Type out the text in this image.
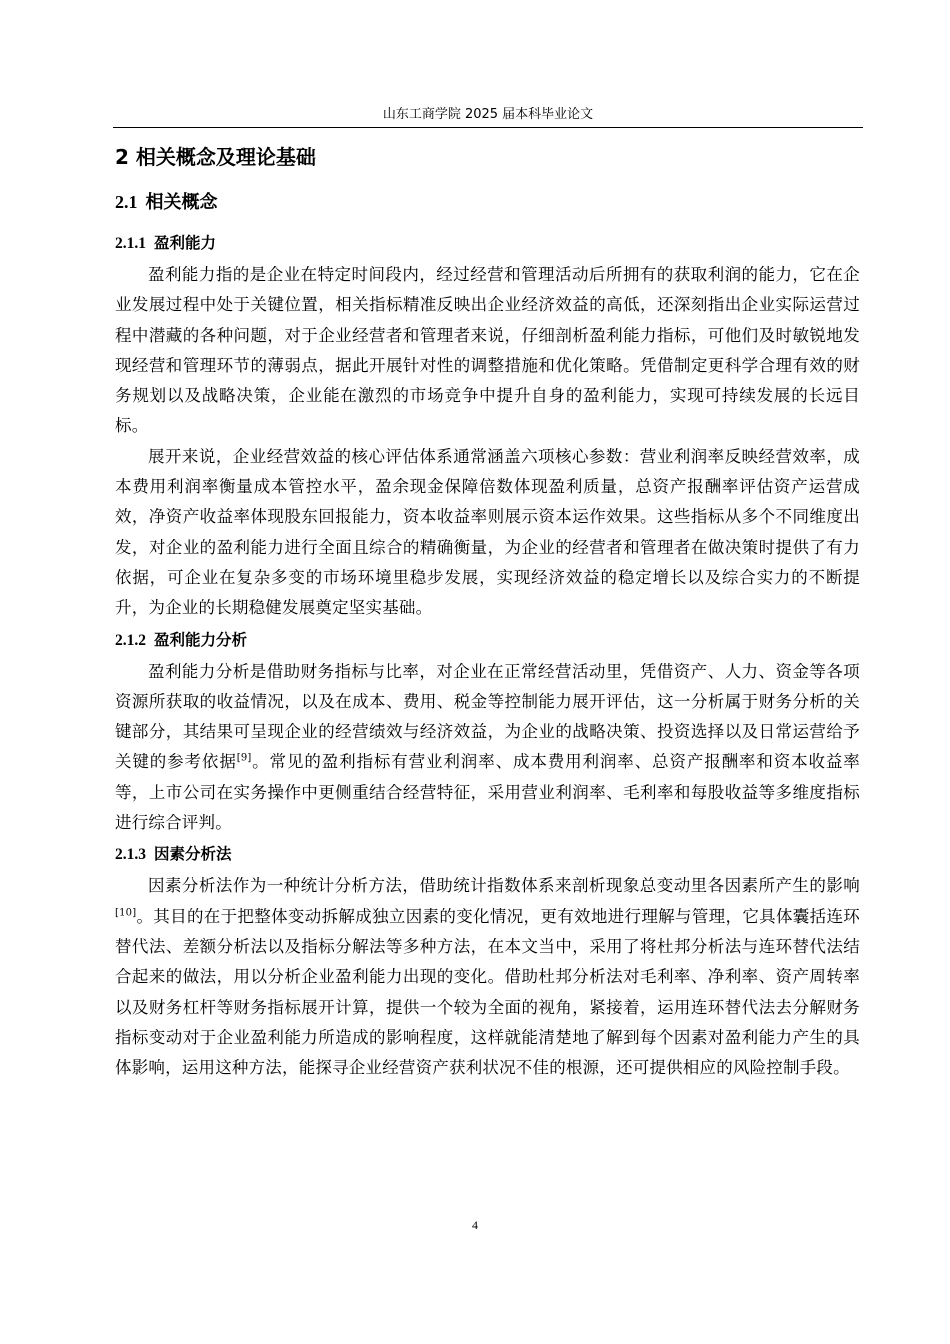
山东工商学院 2025 届本科毕业论文
2 相关概念及理论基础
2.1 相关概念
2.1.1 盈利能力

盈利能力指的是企业在特定时间段内，经过经营和管理活动后所拥有的获取利润的能力，它在企业发展过程中处于关键位置，相关指标精准反映出企业经济效益的高低，还深刻指出企业实际运营过程中潜藏的各种问题，对于企业经营者和管理者来说，仔细剖析盈利能力指标，可他们及时敏锐地发现经营和管理环节的薄弱点，据此开展针对性的调整措施和优化策略。凭借制定更科学合理有效的财务规划以及战略决策，企业能在激烈的市场竞争中提升自身的盈利能力，实现可持续发展的长远目标。

展开来说，企业经营效益的核心评估体系通常涵盖六项核心参数：营业利润率反映经营效率，成本费用利润率衡量成本管控水平，盈余现金保障倍数体现盈利质量，总资产报酬率评估资产运营成效，净资产收益率体现股东回报能力，资本收益率则展示资本运作效果。这些指标从多个不同维度出发，对企业的盈利能力进行全面且综合的精确衡量，为企业的经营者和管理者在做决策时提供了有力依据，可企业在复杂多变的市场环境里稳步发展，实现经济效益的稳定增长以及综合实力的不断提升，为企业的长期稳健发展奠定坚实基础。

2.1.2 盈利能力分析

盈利能力分析是借助财务指标与比率，对企业在正常经营活动里，凭借资产、人力、资金等各项资源所获取的收益情况，以及在成本、费用、税金等控制能力展开评估，这一分析属于财务分析的关键部分，其结果可呈现企业的经营绩效与经济效益，为企业的战略决策、投资选择以及日常运营给予关键的参考依据[9]。常见的盈利指标有营业利润率、成本费用利润率、总资产报酬率和资本收益率等，上市公司在实务操作中更侧重结合经营特征，采用营业利润率、毛利率和每股收益等多维度指标进行综合评判。

2.1.3 因素分析法

因素分析法作为一种统计分析方法，借助统计指数体系来剖析现象总变动里各因素所产生的影响[10]。其目的在于把整体变动拆解成独立因素的变化情况，更有效地进行理解与管理，它具体囊括连环替代法、差额分析法以及指标分解法等多种方法，在本文当中，采用了将杜邦分析法与连环替代法结合起来的做法，用以分析企业盈利能力出现的变化。借助杜邦分析法对毛利率、净利率、资产周转率以及财务杠杆等财务指标展开计算，提供一个较为全面的视角，紧接着，运用连环替代法去分解财务指标变动对于企业盈利能力所造成的影响程度，这样就能清楚地了解到每个因素对盈利能力产生的具体影响，运用这种方法，能探寻企业经营资产获利状况不佳的根源，还可提供相应的风险控制手段。

4
